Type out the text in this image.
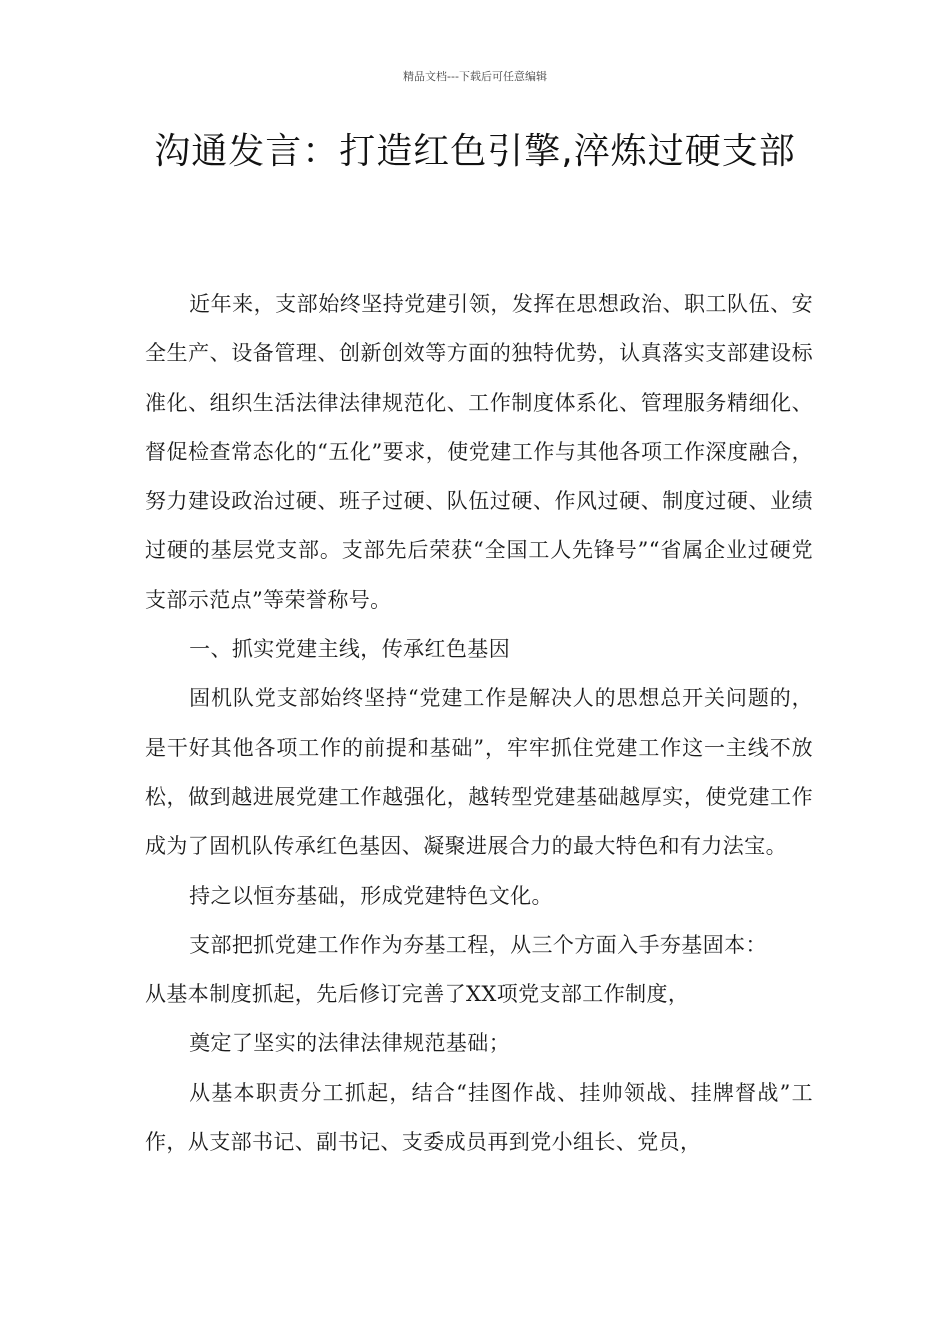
精品文档---下载后可任意编辑
沟通发言：打造红色引擎,淬炼过硬支部

近年来，支部始终坚持党建引领，发挥在思想政治、职工队伍、安全生产、设备管理、创新创效等方面的独特优势，认真落实支部建设标准化、组织生活法律法律规范化、工作制度体系化、管理服务精细化、督促检查常态化的“五化”要求，使党建工作与其他各项工作深度融合，努力建设政治过硬、班子过硬、队伍过硬、作风过硬、制度过硬、业绩过硬的基层党支部。支部先后荣获“全国工人先锋号”“省属企业过硬党支部示范点”等荣誉称号。

一、抓实党建主线，传承红色基因

固机队党支部始终坚持“党建工作是解决人的思想总开关问题的，是干好其他各项工作的前提和基础”，牢牢抓住党建工作这一主线不放松，做到越进展党建工作越强化，越转型党建基础越厚实，使党建工作成为了固机队传承红色基因、凝聚进展合力的最大特色和有力法宝。

持之以恒夯基础，形成党建特色文化。

支部把抓党建工作作为夯基工程，从三个方面入手夯基固本：

从基本制度抓起，先后修订完善了XX项党支部工作制度，

奠定了坚实的法律法律规范基础；

从基本职责分工抓起，结合“挂图作战、挂帅领战、挂牌督战”工作，从支部书记、副书记、支委成员再到党小组长、党员，
